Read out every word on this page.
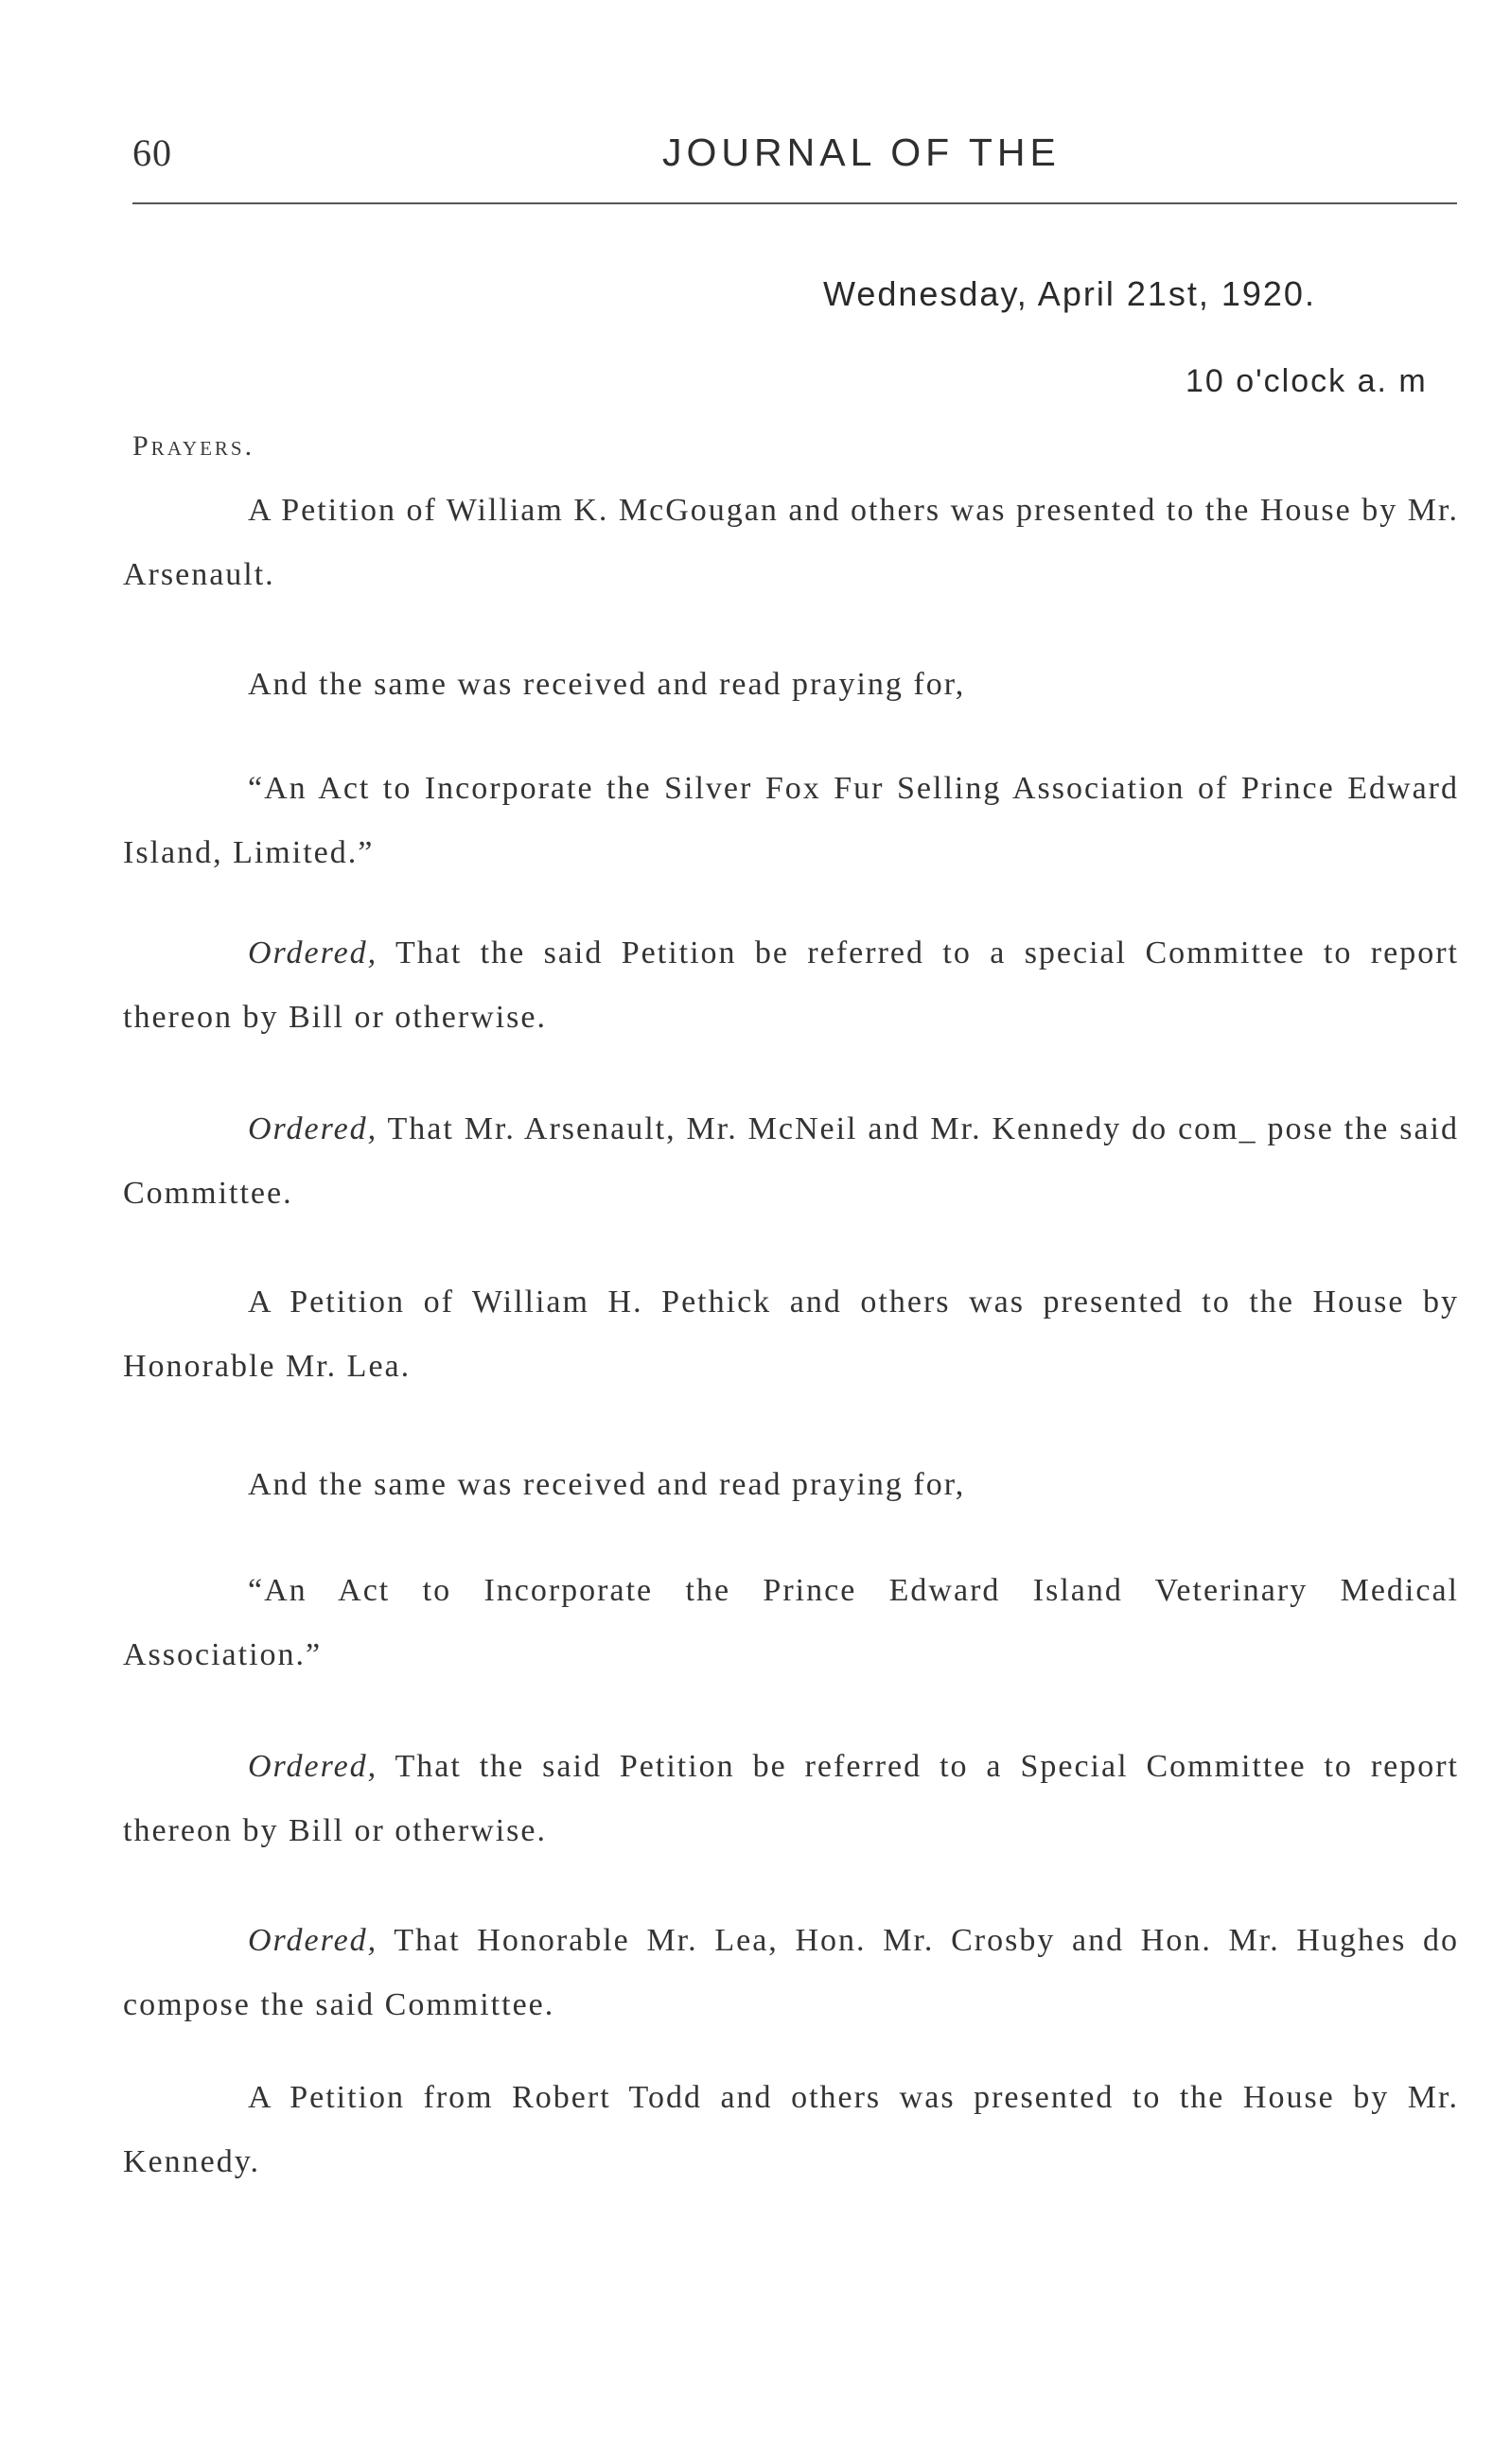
60	JOURNAL OF THE
Wednesday, April 21st, 1920.
10 o'clock a. m
Prayers.

A Petition of William K. McGougan and others was presented to the House by Mr. Arsenault.

And the same was received and read praying for,

“An Act to Incorporate the Silver Fox Fur Selling Association of Prince Edward Island, Limited.”

Ordered, That the said Petition be referred to a special Committee to report thereon by Bill or otherwise.

Ordered, That Mr. Arsenault, Mr. McNeil and Mr. Kennedy do com_ pose the said Committee.

A Petition of William H. Pethick and others was presented to the House by Honorable Mr. Lea.

And the same was received and read praying for,

“An Act to Incorporate the Prince Edward Island Veterinary Medical Association.”

Ordered, That the said Petition be referred to a Special Committee to report thereon by Bill or otherwise.

Ordered, That Honorable Mr. Lea, Hon. Mr. Crosby and Hon. Mr. Hughes do compose the said Committee.

A Petition from Robert Todd and others was presented to the House by Mr. Kennedy.
